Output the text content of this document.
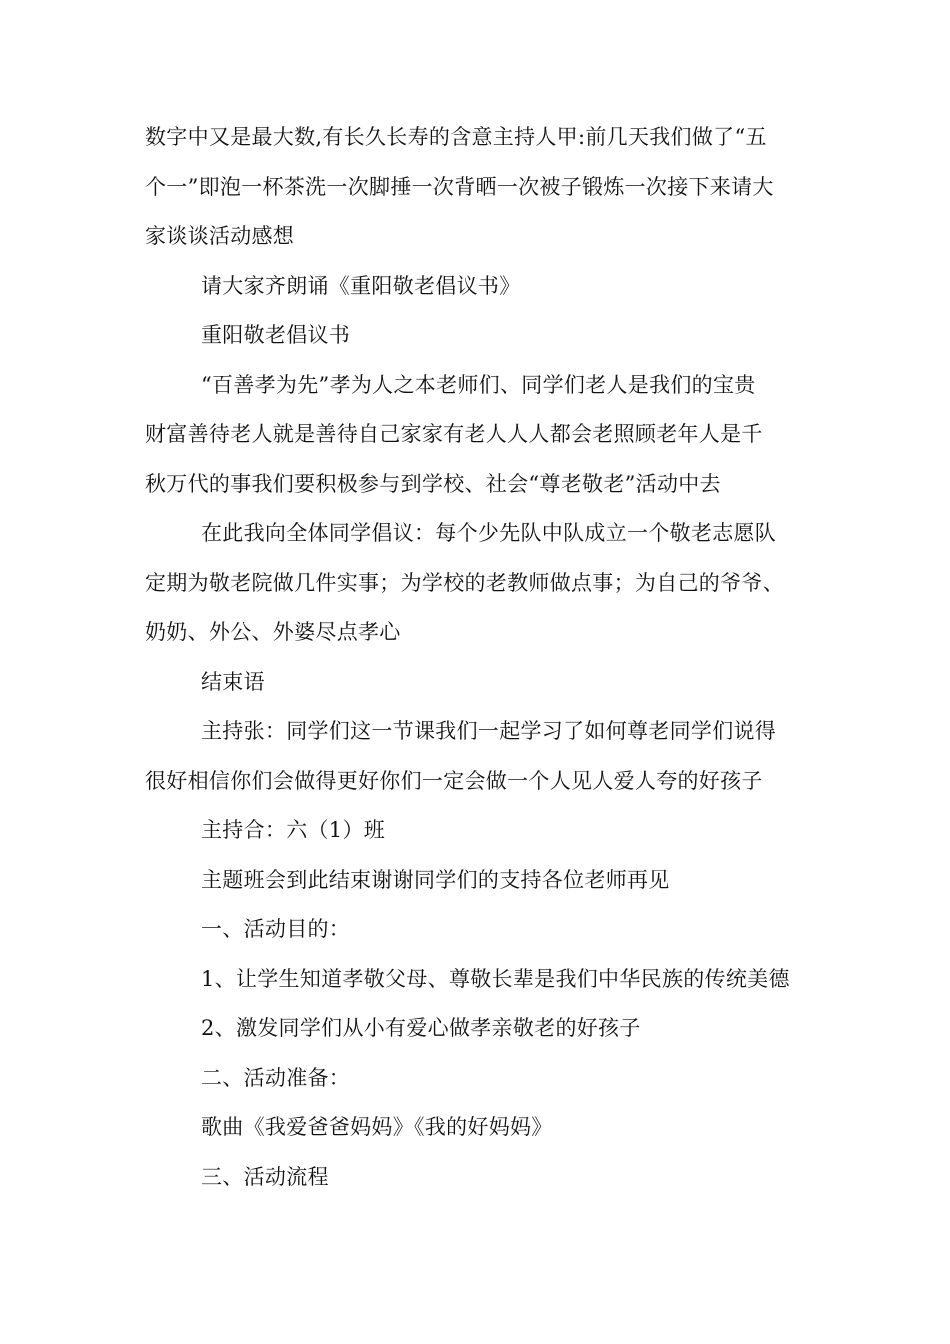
数字中又是最大数,有长久长寿的含意主持人甲:前几天我们做了“五
个一”即泡一杯茶洗一次脚捶一次背晒一次被子锻炼一次接下来请大
家谈谈活动感想

请大家齐朗诵《重阳敬老倡议书》

重阳敬老倡议书

“百善孝为先”孝为人之本老师们、同学们老人是我们的宝贵
财富善待老人就是善待自己家家有老人人人都会老照顾老年人是千
秋万代的事我们要积极参与到学校、社会“尊老敬老”活动中去

在此我向全体同学倡议：每个少先队中队成立一个敬老志愿队
定期为敬老院做几件实事；为学校的老教师做点事；为自己的爷爷、
奶奶、外公、外婆尽点孝心

结束语

主持张：同学们这一节课我们一起学习了如何尊老同学们说得
很好相信你们会做得更好你们一定会做一个人见人爱人夸的好孩子

主持合：六（1）班

主题班会到此结束谢谢同学们的支持各位老师再见

一、活动目的：

1、让学生知道孝敬父母、尊敬长辈是我们中华民族的传统美德

2、激发同学们从小有爱心做孝亲敬老的好孩子

二、活动准备：

歌曲《我爱爸爸妈妈》《我的好妈妈》

三、活动流程
